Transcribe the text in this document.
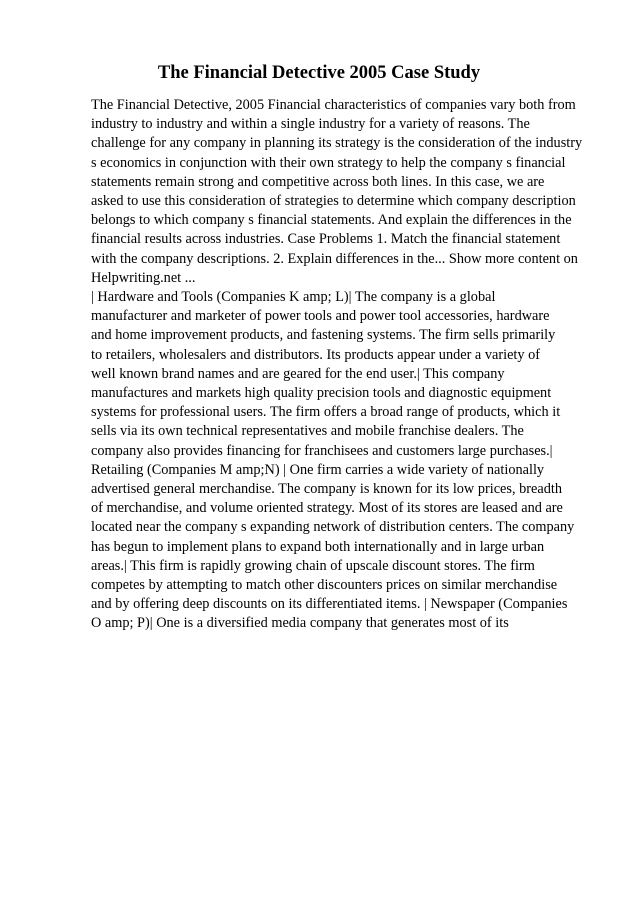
The Financial Detective 2005 Case Study
The Financial Detective, 2005 Financial characteristics of companies vary both from
industry to industry and within a single industry for a variety of reasons. The
challenge for any company in planning its strategy is the consideration of the industry
s economics in conjunction with their own strategy to help the company s financial
statements remain strong and competitive across both lines. In this case, we are
asked to use this consideration of strategies to determine which company description
belongs to which company s financial statements. And explain the differences in the
financial results across industries. Case Problems 1. Match the financial statement
with the company descriptions. 2. Explain differences in the... Show more content on
Helpwriting.net ...
| Hardware and Tools (Companies K amp; L)| The company is a global
manufacturer and marketer of power tools and power tool accessories, hardware
and home improvement products, and fastening systems. The firm sells primarily
to retailers, wholesalers and distributors. Its products appear under a variety of
well known brand names and are geared for the end user.| This company
manufactures and markets high quality precision tools and diagnostic equipment
systems for professional users. The firm offers a broad range of products, which it
sells via its own technical representatives and mobile franchise dealers. The
company also provides financing for franchisees and customers large purchases.|
Retailing (Companies M amp;N) | One firm carries a wide variety of nationally
advertised general merchandise. The company is known for its low prices, breadth
of merchandise, and volume oriented strategy. Most of its stores are leased and are
located near the company s expanding network of distribution centers. The company
has begun to implement plans to expand both internationally and in large urban
areas.| This firm is rapidly growing chain of upscale discount stores. The firm
competes by attempting to match other discounters prices on similar merchandise
and by offering deep discounts on its differentiated items. | Newspaper (Companies
O amp; P)| One is a diversified media company that generates most of its
